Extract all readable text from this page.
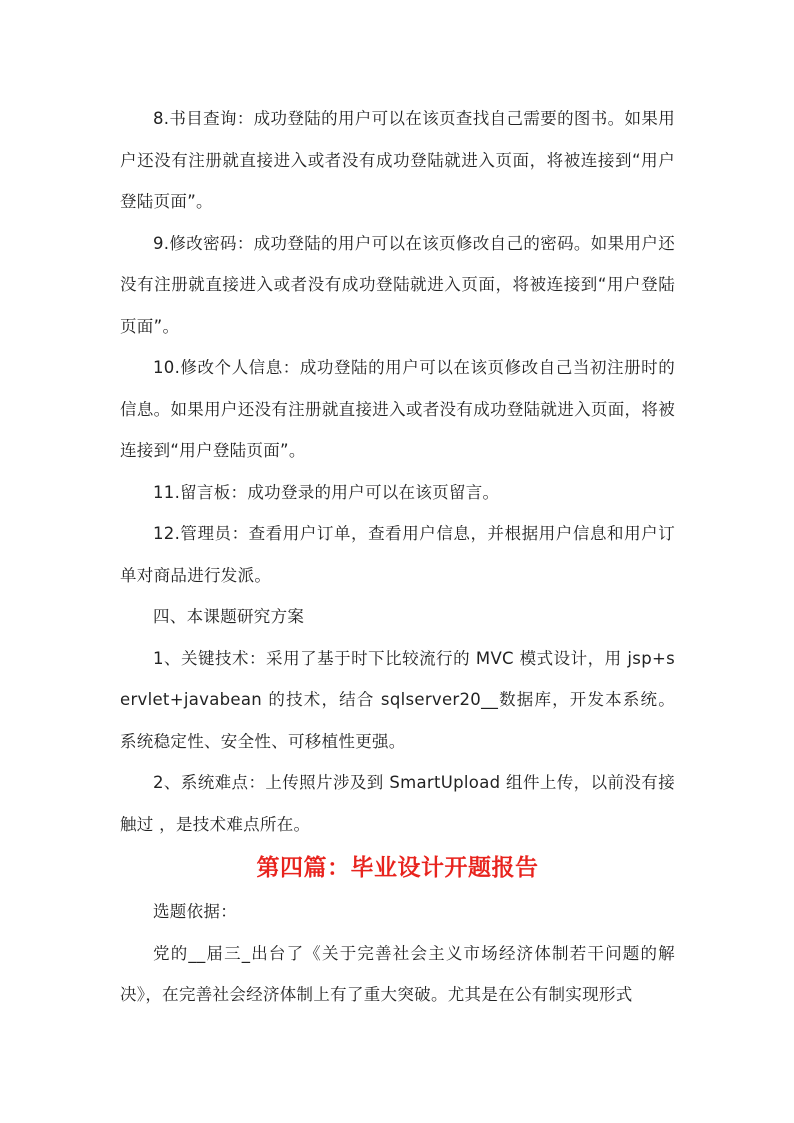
8.书目查询：成功登陆的用户可以在该页查找自己需要的图书。如果用户还没有注册就直接进入或者没有成功登陆就进入页面，将被连接到“用户登陆页面”。

9.修改密码：成功登陆的用户可以在该页修改自己的密码。如果用户还没有注册就直接进入或者没有成功登陆就进入页面，将被连接到“用户登陆页面”。

10.修改个人信息：成功登陆的用户可以在该页修改自己当初注册时的信息。如果用户还没有注册就直接进入或者没有成功登陆就进入页面，将被连接到“用户登陆页面”。

11.留言板：成功登录的用户可以在该页留言。

12.管理员：查看用户订单，查看用户信息，并根据用户信息和用户订单对商品进行发派。

四、本课题研究方案

1、关键技术：采用了基于时下比较流行的 MVC 模式设计，用 jsp+servlet+javabean 的技术，结合 sqlserver20__数据库，开发本系统。系统稳定性、安全性、可移植性更强。

2、系统难点：上传照片涉及到 SmartUpload 组件上传，以前没有接触过 ，是技术难点所在。

第四篇：毕业设计开题报告

选题依据：

党的__届三_出台了《关于完善社会主义市场经济体制若干问题的解决》，在完善社会经济体制上有了重大突破。尤其是在公有制实现形式
